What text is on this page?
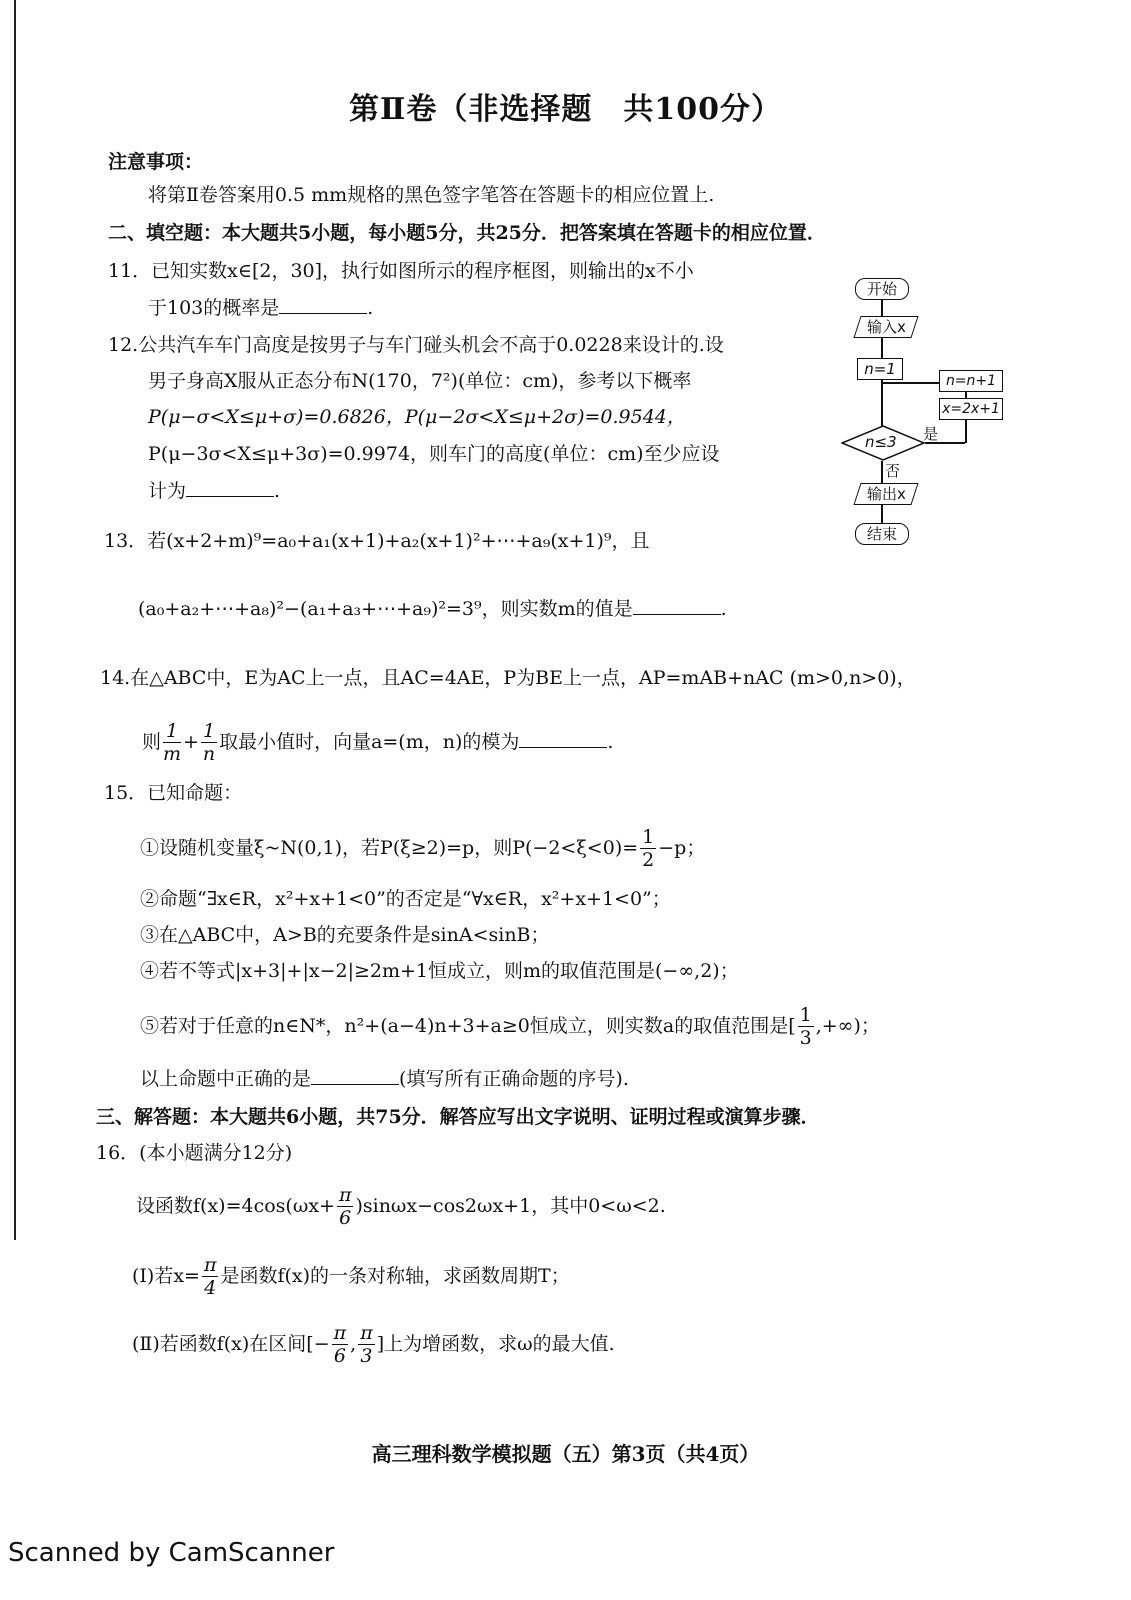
第Ⅱ卷（非选择题　共100分）
注意事项：
将第Ⅱ卷答案用0.5 mm规格的黑色签字笔答在答题卡的相应位置上.
二、填空题：本大题共5小题，每小题5分，共25分．把答案填在答题卡的相应位置．
11．已知实数x∈[2，30]，执行如图所示的程序框图，则输出的x不小
于103的概率是	.
12.公共汽车车门高度是按男子与车门碰头机会不高于0.0228来设计的.设
男子身高X服从正态分布N(170，7²)(单位：cm)，参考以下概率
P(μ−σ<X≤μ+σ)=0.6826，P(μ−2σ<X≤μ+2σ)=0.9544，
P(μ−3σ<X≤μ+3σ)=0.9974，则车门的高度(单位：cm)至少应设
计为	.
13．若(x+2+m)⁹=a₀+a₁(x+1)+a₂(x+1)²+⋯+a₉(x+1)⁹，且
(a₀+a₂+⋯+a₈)²−(a₁+a₃+⋯+a₉)²=3⁹，则实数m的值是	.
14.在△ABC中，E为AC上一点，且AC=4AE，P为BE上一点，AP=mAB+nAC (m>0,n>0)，
则 $\frac{1}{m} + \frac{1}{n}$ 取最小值时，向量a=(m，n)的模为	.
15．已知命题：
①设随机变量ξ~N(0,1)，若P(ξ≥2)=p，则$P(-2<\xi<0)= \frac{1}{2} -p$；
②命题“∃x∈R，x²+x+1<0”的否定是“∀x∈R，x²+x+1<0”；
③在△ABC中，A>B的充要条件是sinA<sinB；
④若不等式|x+3|+|x−2|≥2m+1恒成立，则m的取值范围是(−∞,2)；
⑤若对于任意的n∈N*，n²+(a−4)n+3+a≥0恒成立，则实数a的取值范围是[ $\frac{1}{3}$ ,+∞)；
以上命题中正确的是	(填写所有正确命题的序号).
三、解答题：本大题共6小题，共75分．解答应写出文字说明、证明过程或演算步骤．
16．(本小题满分12分)
设函数$f(x)=4\cos(\omega x+ \frac{\pi}{6} )\sin\omega x-\cos 2\omega x+1$，其中0<ω<2.
(Ⅰ)若$x= \frac{\pi}{4}$ 是函数f(x)的一条对称轴，求函数周期T；
(Ⅱ)若函数f(x)在区间[− $\frac{\pi}{6}$ , $\frac{\pi}{3}$ ]上为增函数，求ω的最大值.
开始
输入x
n=1
n≤3 是
x=2x+1
n=n+1
否
输出x
结束
高三理科数学模拟题（五）第3页（共4页）
Scanned by CamScanner
